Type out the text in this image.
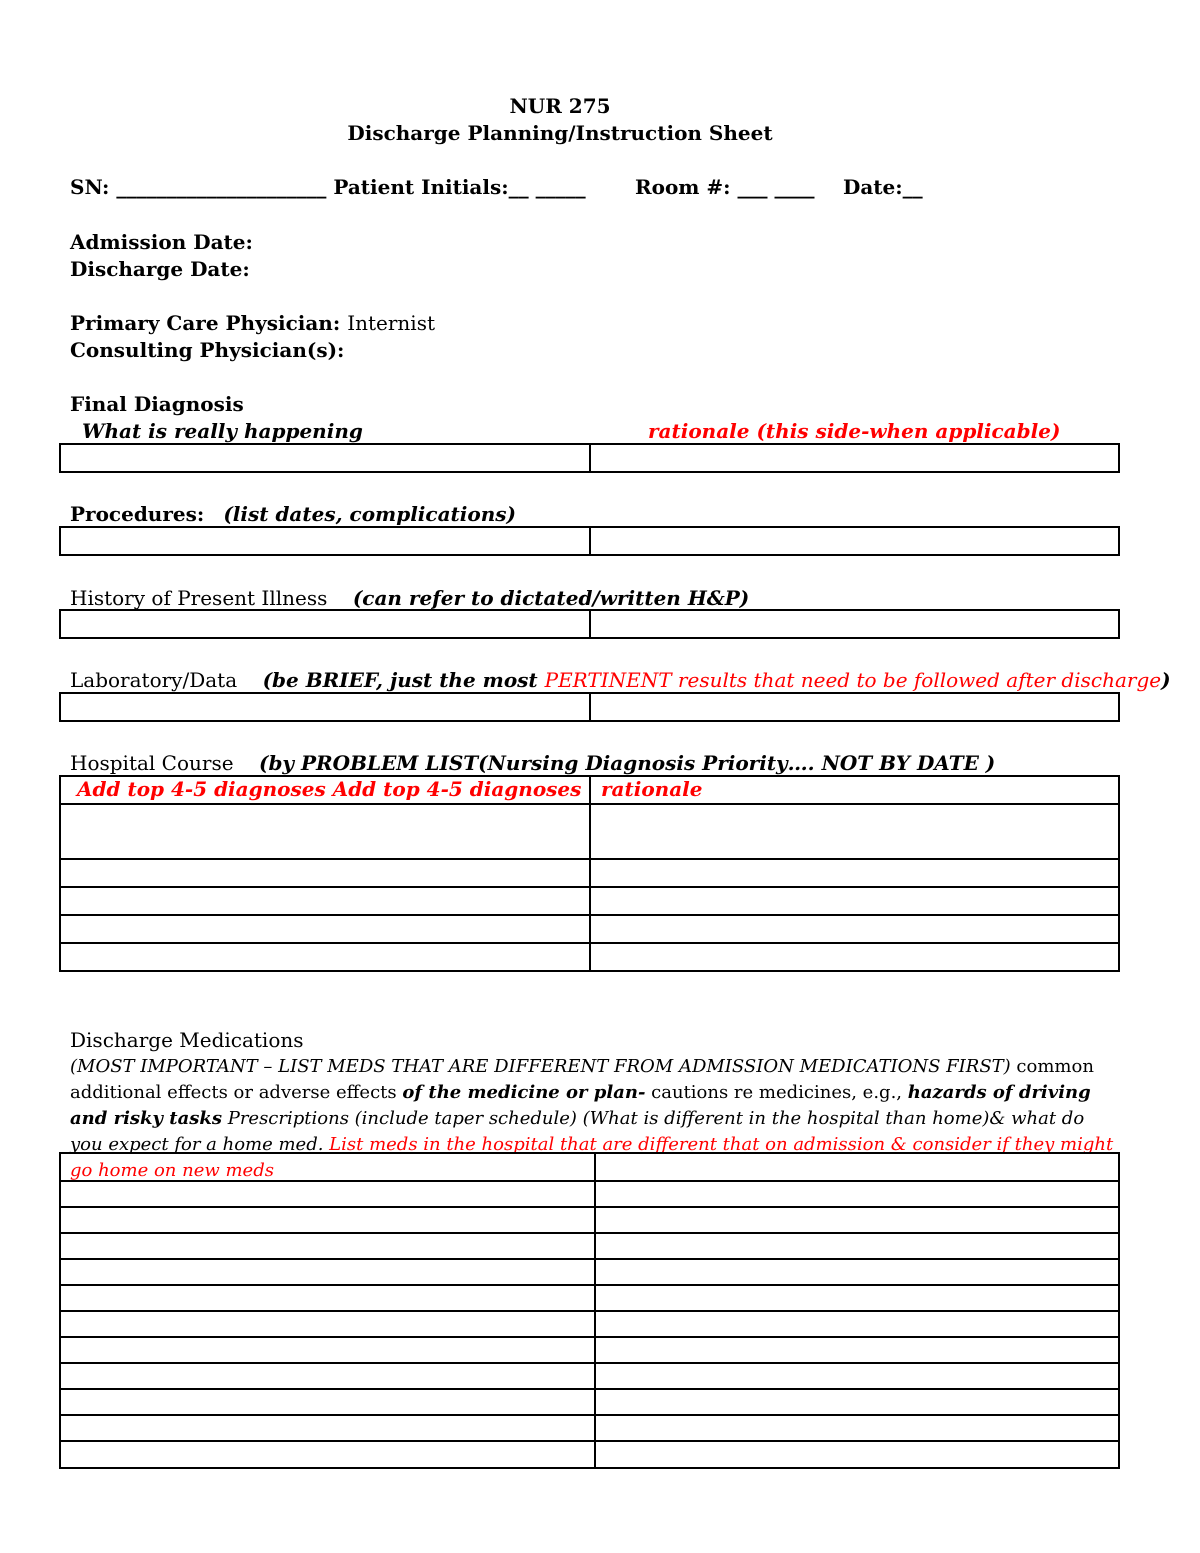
NUR 275
Discharge Planning/Instruction Sheet
SN: _____________________ Patient Initials:__ _____ Room #: ___ ____ Date:__
Admission Date:
Discharge Date:
Primary Care Physician: Internist
Consulting Physician(s):
Final Diagnosis
What is really happening	rationale (this side-when applicable)

Procedures: (list dates, complications)

History of Present Illness (can refer to dictated/written H&P)

Laboratory/Data (be BRIEF, just the most PERTINENT results that need to be followed after discharge)

Hospital Course (by PROBLEM LIST(Nursing Diagnosis Priority…. NOT BY DATE )
Add top 4-5 diagnoses Add top 4-5 diagnoses	rationale

Discharge Medications
(MOST IMPORTANT – LIST MEDS THAT ARE DIFFERENT FROM ADMISSION MEDICATIONS FIRST) common additional effects or adverse effects of the medicine or plan- cautions re medicines, e.g., hazards of driving and risky tasks Prescriptions (include taper schedule) (What is different in the hospital than home)& what do you expect for a home med. List meds in the hospital that are different that on admission & consider if they might go home on new meds
